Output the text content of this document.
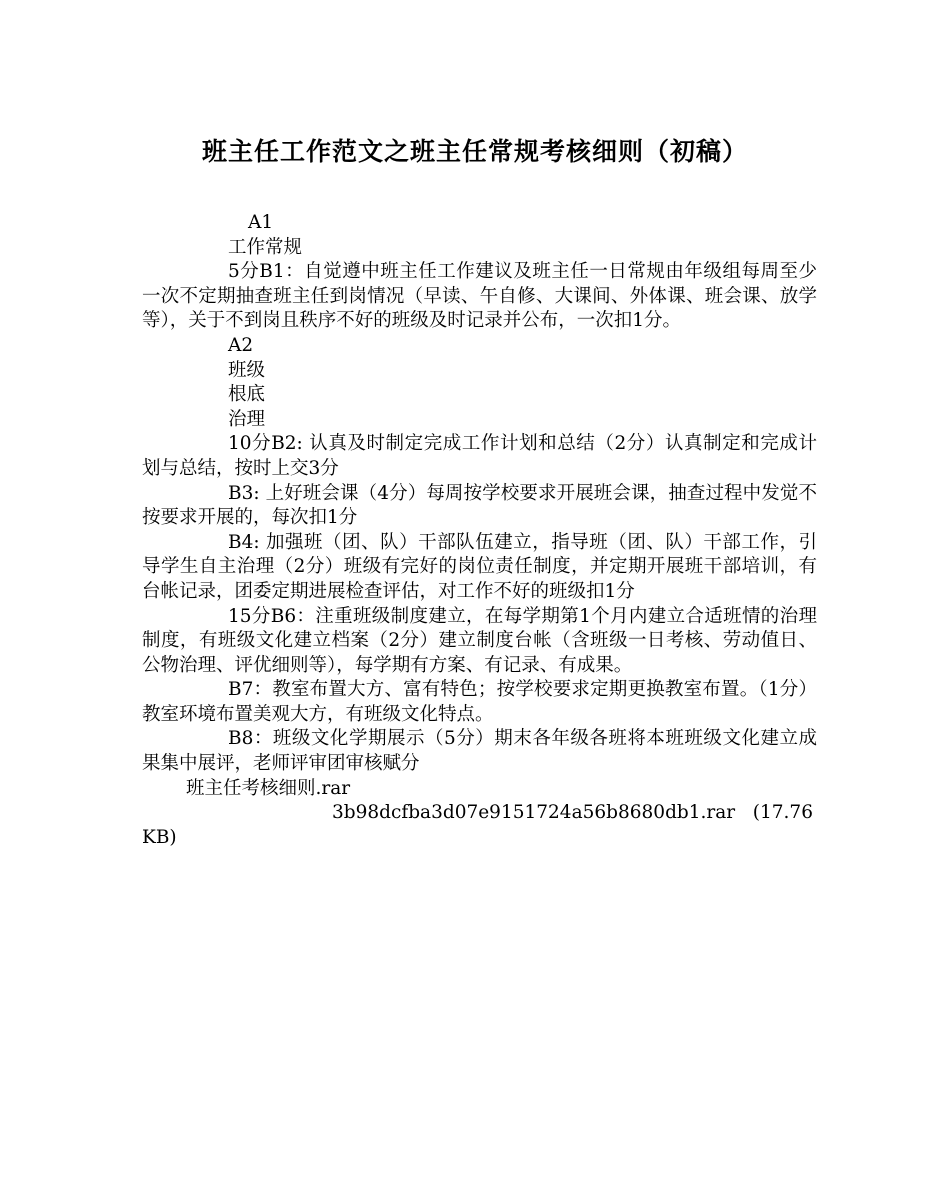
班主任工作范文之班主任常规考核细则（初稿）

A1

工作常规

5分B1：自觉遵中班主任工作建议及班主任一日常规由年级组每周至少一次不定期抽查班主任到岗情况（早读、午自修、大课间、外体课、班会课、放学等），关于不到岗且秩序不好的班级及时记录并公布，一次扣1分。

A2

班级

根底

治理

10分B2: 认真及时制定完成工作计划和总结（2分）认真制定和完成计划与总结，按时上交3分

B3: 上好班会课（4分）每周按学校要求开展班会课，抽查过程中发觉不按要求开展的，每次扣1分

B4: 加强班（团、队）干部队伍建立，指导班（团、队）干部工作，引导学生自主治理（2分）班级有完好的岗位责任制度，并定期开展班干部培训，有台帐记录，团委定期进展检查评估，对工作不好的班级扣1分

15分B6：注重班级制度建立，在每学期第1个月内建立合适班情的治理制度，有班级文化建立档案（2分）建立制度台帐（含班级一日考核、劳动值日、公物治理、评优细则等），每学期有方案、有记录、有成果。

B7：教室布置大方、富有特色；按学校要求定期更换教室布置。（1分）教室环境布置美观大方，有班级文化特点。

B8：班级文化学期展示（5分）期末各年级各班将本班班级文化建立成果集中展评，老师评审团审核赋分

班主任考核细则.rar

3b98dcfba3d07e9151724a56b8680db1.rar (17.76 KB)
